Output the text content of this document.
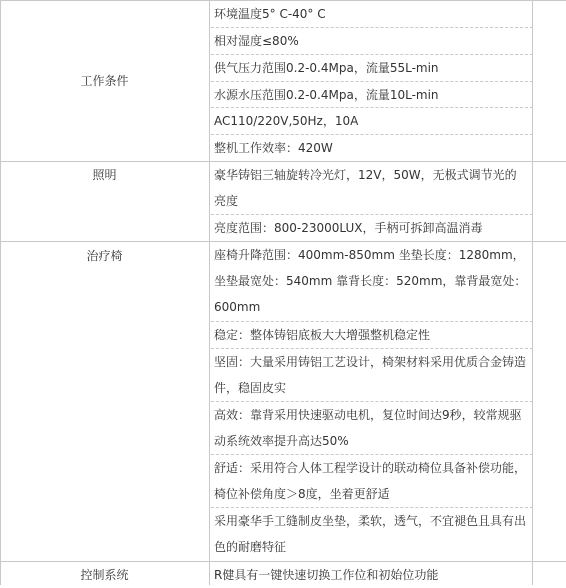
工作条件
照明
治疗椅
控制系统
环境温度5° C-40° C
相对湿度≤80%
供气压力范围0.2-0.4Mpa，流量55L-min
水源水压范围0.2-0.4Mpa，流量10L-min
AC110/220V,50Hz，10A
整机工作效率：420W
豪华铸铝三轴旋转冷光灯，12V，50W，无极式调节光的亮度
亮度范围：800-23000LUX，手柄可拆卸高温消毒
座椅升降范围：400mm-850mm 坐垫长度：1280mm，坐垫最宽处：540mm 靠背长度：520mm，靠背最宽处：600mm
稳定：整体铸铝底板大大增强整机稳定性
坚固：大量采用铸铝工艺设计，椅架材料采用优质合金铸造件，稳固皮实
高效：靠背采用快速驱动电机，复位时间达9秒，较常规驱动系统效率提升高达50%
舒适：采用符合人体工程学设计的联动椅位具备补偿功能，椅位补偿角度＞8度，坐着更舒适
采用豪华手工缝制皮坐垫，柔软，透气，不宜褪色且具有出色的耐磨特征
R健具有一键快速切换工作位和初始位功能
